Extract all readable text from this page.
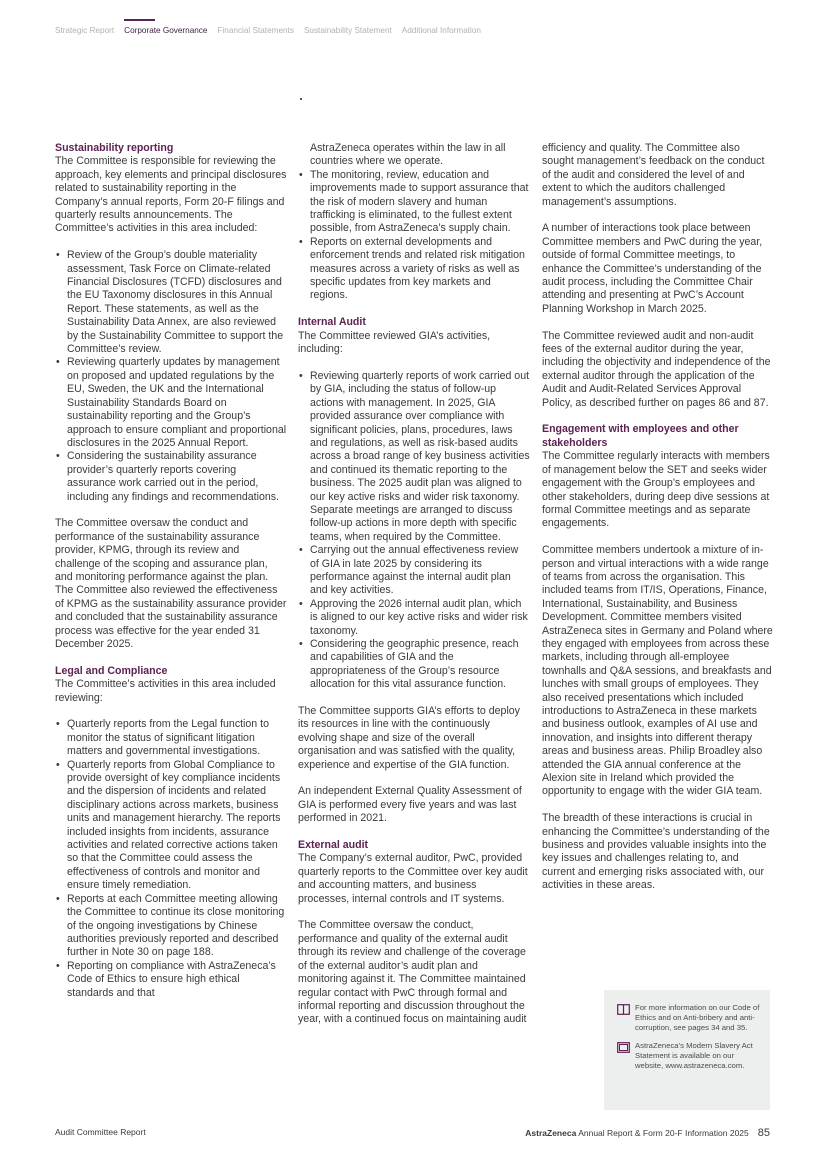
Strategic Report Corporate Governance Financial Statements Sustainability Statement Additional Information
Sustainability reporting

The Committee is responsible for reviewing the approach, key elements and principal disclosures related to sustainability reporting in the Company’s annual reports, Form 20-F filings and quarterly results announcements. The Committee’s activities in this area included:

• Review of the Group’s double materiality assessment, Task Force on Climate-related Financial Disclosures (TCFD) disclosures and the EU Taxonomy disclosures in this Annual Report. These statements, as well as the Sustainability Data Annex, are also reviewed by the Sustainability Committee to support the Committee’s review.
• Reviewing quarterly updates by management on proposed and updated regulations by the EU, Sweden, the UK and the International Sustainability Standards Board on sustainability reporting and the Group’s approach to ensure compliant and proportional disclosures in the 2025 Annual Report.
• Considering the sustainability assurance provider’s quarterly reports covering assurance work carried out in the period, including any findings and recommendations.

The Committee oversaw the conduct and performance of the sustainability assurance provider, KPMG, through its review and challenge of the scoping and assurance plan, and monitoring performance against the plan. The Committee also reviewed the effectiveness of KPMG as the sustainability assurance provider and concluded that the sustainability assurance process was effective for the year ended 31 December 2025.

Legal and Compliance

The Committee’s activities in this area included reviewing:

• Quarterly reports from the Legal function to monitor the status of significant litigation matters and governmental investigations.
• Quarterly reports from Global Compliance to provide oversight of key compliance incidents and the dispersion of incidents and related disciplinary actions across markets, business units and management hierarchy. The reports included insights from incidents, assurance activities and related corrective actions taken so that the Committee could assess the effectiveness of controls and monitor and ensure timely remediation.
• Reports at each Committee meeting allowing the Committee to continue its close monitoring of the ongoing investigations by Chinese authorities previously reported and described further in Note 30 on page 188.
• Reporting on compliance with AstraZeneca’s Code of Ethics to ensure high ethical standards and that
• AstraZeneca operates within the law in all countries where we operate.
• The monitoring, review, education and improvements made to support assurance that the risk of modern slavery and human trafficking is eliminated, to the fullest extent possible, from AstraZeneca’s supply chain.
• Reports on external developments and enforcement trends and related risk mitigation measures across a variety of risks as well as specific updates from key markets and regions.
Internal Audit

The Committee reviewed GIA’s activities, including:

• Reviewing quarterly reports of work carried out by GIA, including the status of follow-up actions with management. In 2025, GIA provided assurance over compliance with significant policies, plans, procedures, laws and regulations, as well as risk-based audits across a broad range of key business activities and continued its thematic reporting to the business. The 2025 audit plan was aligned to our key active risks and wider risk taxonomy. Separate meetings are arranged to discuss follow-up actions in more depth with specific teams, when required by the Committee.
• Carrying out the annual effectiveness review of GIA in late 2025 by considering its performance against the internal audit plan and key activities.
• Approving the 2026 internal audit plan, which is aligned to our key active risks and wider risk taxonomy.
• Considering the geographic presence, reach and capabilities of GIA and the appropriateness of the Group’s resource allocation for this vital assurance function.

The Committee supports GIA’s efforts to deploy its resources in line with the continuously evolving shape and size of the overall organisation and was satisfied with the quality, experience and expertise of the GIA function.

An independent External Quality Assessment of GIA is performed every five years and was last performed in 2021.

External audit

The Company’s external auditor, PwC, provided quarterly reports to the Committee over key audit and accounting matters, and business processes, internal controls and IT systems.

The Committee oversaw the conduct, performance and quality of the external audit through its review and challenge of the coverage of the external auditor’s audit plan and monitoring against it. The Committee maintained regular contact with PwC through formal and informal reporting and discussion throughout the year, with a continued focus on maintaining audit

efficiency and quality. The Committee also sought management’s feedback on the conduct of the audit and considered the level of and extent to which the auditors challenged management’s assumptions.

A number of interactions took place between Committee members and PwC during the year, outside of formal Committee meetings, to enhance the Committee’s understanding of the audit process, including the Committee Chair attending and presenting at PwC’s Account Planning Workshop in March 2025.

The Committee reviewed audit and non-audit fees of the external auditor during the year, including the objectivity and independence of the external auditor through the application of the Audit and Audit-Related Services Approval Policy, as described further on pages 86 and 87.

Engagement with employees and other stakeholders

The Committee regularly interacts with members of management below the SET and seeks wider engagement with the Group’s employees and other stakeholders, during deep dive sessions at formal Committee meetings and as separate engagements.

Committee members undertook a mixture of in-person and virtual interactions with a wide range of teams from across the organisation. This included teams from IT/IS, Operations, Finance, International, Sustainability, and Business Development. Committee members visited AstraZeneca sites in Germany and Poland where they engaged with employees from across these markets, including through all-employee townhalls and Q&A sessions, and breakfasts and lunches with small groups of employees. They also received presentations which included introductions to AstraZeneca in these markets and business outlook, examples of AI use and innovation, and insights into different therapy areas and business areas. Philip Broadley also attended the GIA annual conference at the Alexion site in Ireland which provided the opportunity to engage with the wider GIA team.

The breadth of these interactions is crucial in enhancing the Committee’s understanding of the business and provides valuable insights into the key issues and challenges relating to, and current and emerging risks associated with, our activities in these areas.

For more information on our Code of Ethics and on Anti-bribery and anti-corruption, see pages 34 and 35.
AstraZeneca’s Modern Slavery Act Statement is available on our website, www.astrazeneca.com.
Audit Committee Report	AstraZeneca Annual Report & Form 20-F Information 2025 85
